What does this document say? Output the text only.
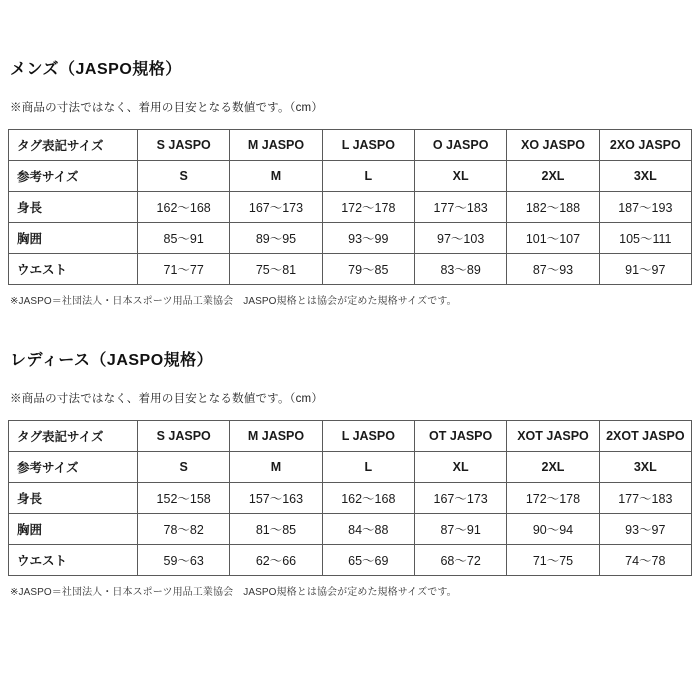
メンズ（JASPO規格）

※商品の寸法ではなく、着用の目安となる数値です。（cm）

タグ表記サイズ	S JASPO	M JASPO	L JASPO	O JASPO	XO JASPO	2XO JASPO
参考サイズ	S	M	L	XL	2XL	3XL
身長	162〜168	167〜173	172〜178	177〜183	182〜188	187〜193
胸囲	85〜91	89〜95	93〜99	97〜103	101〜107	105〜111
ウエスト	71〜77	75〜81	79〜85	83〜89	87〜93	91〜97

※JASPO＝社団法人・日本スポーツ用品工業協会　JASPO規格とは協会が定めた規格サイズです。

レディース（JASPO規格）

※商品の寸法ではなく、着用の目安となる数値です。（cm）

タグ表記サイズ	S JASPO	M JASPO	L JASPO	OT JASPO	XOT JASPO	2XOT JASPO
参考サイズ	S	M	L	XL	2XL	3XL
身長	152〜158	157〜163	162〜168	167〜173	172〜178	177〜183
胸囲	78〜82	81〜85	84〜88	87〜91	90〜94	93〜97
ウエスト	59〜63	62〜66	65〜69	68〜72	71〜75	74〜78

※JASPO＝社団法人・日本スポーツ用品工業協会　JASPO規格とは協会が定めた規格サイズです。
